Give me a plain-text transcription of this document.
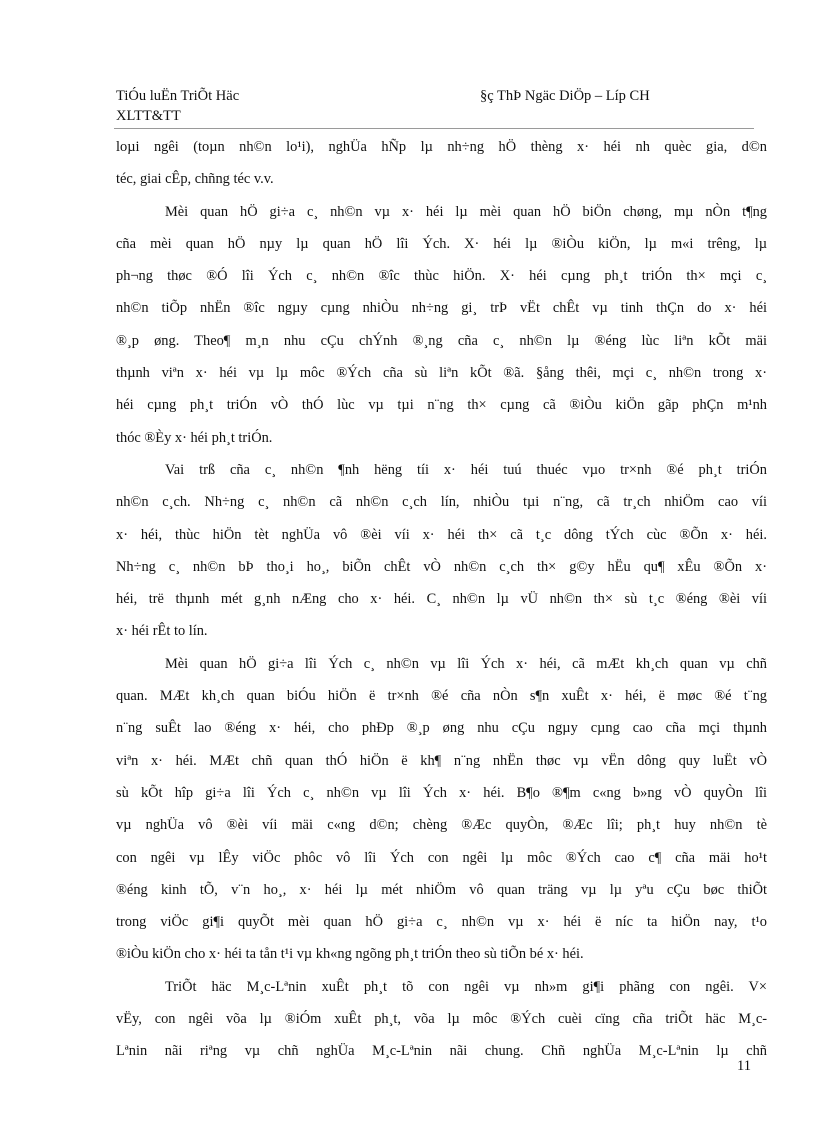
TiÓu luËn TriÕt Häc
XLTT&TT
§ç ThÞ Ngäc DiÖp – Líp CH
loµi ngêi (toµn nh©n lo¹i), nghÜa hÑp lµ nh÷ng hÖ thèng x· héi nh quèc gia, d©n
téc, giai cÊp, chñng téc v.v.
Mèi quan hÖ gi÷a c¸ nh©n vµ x· héi lµ mèi quan hÖ biÖn chøng, mµ nÒn t¶ng
cña mèi quan hÖ nµy lµ quan hÖ lîi Ých. X· héi lµ ®iÒu kiÖn, lµ m«i trêng, lµ
ph¬ng thøc ®Ó lîi Ých c¸ nh©n ®îc thùc hiÖn. X· héi cµng ph¸t triÓn th× mçi c¸
nh©n tiÕp nhËn ®îc ngµy cµng nhiÒu nh÷ng gi¸ trÞ vËt chÊt vµ tinh thÇn do x· héi
®¸p øng. Theo¶ m¸n nhu cÇu chÝnh ®¸ng cña c¸ nh©n lµ ®éng lùc liªn kÕt mäi
thµnh viªn x· héi vµ lµ môc ®Ých cña sù liªn kÕt ®ã. §ång thêi, mçi c¸ nh©n trong x·
héi cµng ph¸t triÓn vÒ thÓ lùc vµ tµi n¨ng th× cµng cã ®iÒu kiÖn gãp phÇn m¹nh
thóc ®Èy x· héi ph¸t triÓn.
Vai trß cña c¸ nh©n ¶nh hëng tíi x· héi tuú thuéc vµo tr×nh ®é ph¸t triÓn
nh©n c¸ch. Nh÷ng c¸ nh©n cã nh©n c¸ch lín, nhiÒu tµi n¨ng, cã tr¸ch nhiÖm cao víi
x· héi, thùc hiÖn tèt nghÜa vô ®èi víi x· héi th× cã t¸c dông tÝch cùc ®Õn x· héi.
Nh÷ng c¸ nh©n bÞ tho¸i ho¸, biÕn chÊt vÒ nh©n c¸ch th× g©y hËu qu¶ xÊu ®Õn x·
héi, trë thµnh mét g¸nh nÆng cho x· héi. C¸ nh©n lµ vÜ nh©n th× sù t¸c ®éng ®èi víi
x· héi rÊt to lín.
Mèi quan hÖ gi÷a lîi Ých c¸ nh©n vµ lîi Ých x· héi, cã mÆt kh¸ch quan vµ chñ
quan. MÆt kh¸ch quan biÓu hiÖn ë tr×nh ®é cña nÒn s¶n xuÊt x· héi, ë møc ®é t¨ng
n¨ng suÊt lao ®éng x· héi, cho phÐp ®¸p øng nhu cÇu ngµy cµng cao cña mçi thµnh
viªn x· héi. MÆt chñ quan thÓ hiÖn ë kh¶ n¨ng nhËn thøc vµ vËn dông quy luËt vÒ
sù kÕt hîp gi÷a lîi Ých c¸ nh©n vµ lîi Ých x· héi. B¶o ®¶m c«ng b»ng vÒ quyÒn lîi
vµ nghÜa vô ®èi víi mäi c«ng d©n; chèng ®Æc quyÒn, ®Æc lîi; ph¸t huy nh©n tè
con ngêi vµ lÊy viÖc phôc vô lîi Ých con ngêi lµ môc ®Ých cao c¶ cña mäi ho¹t
®éng kinh tÕ, v¨n ho¸, x· héi lµ mét nhiÖm vô quan träng vµ lµ yªu cÇu bøc thiÕt
trong viÖc gi¶i quyÕt mèi quan hÖ gi÷a c¸ nh©n vµ x· héi ë níc ta hiÖn nay, t¹o
®iÒu kiÖn cho x· héi ta tån t¹i vµ kh«ng ngõng ph¸t triÓn theo sù tiÕn bé x· héi.
TriÕt häc M¸c-Lªnin xuÊt ph¸t tõ con ngêi vµ nh»m gi¶i phãng con ngêi. V×
vËy, con ngêi võa lµ ®iÓm xuÊt ph¸t, võa lµ môc ®Ých cuèi cïng cña triÕt häc M¸c-
Lªnin nãi riªng vµ chñ nghÜa M¸c-Lªnin nãi chung. Chñ nghÜa M¸c-Lªnin lµ chñ
11
